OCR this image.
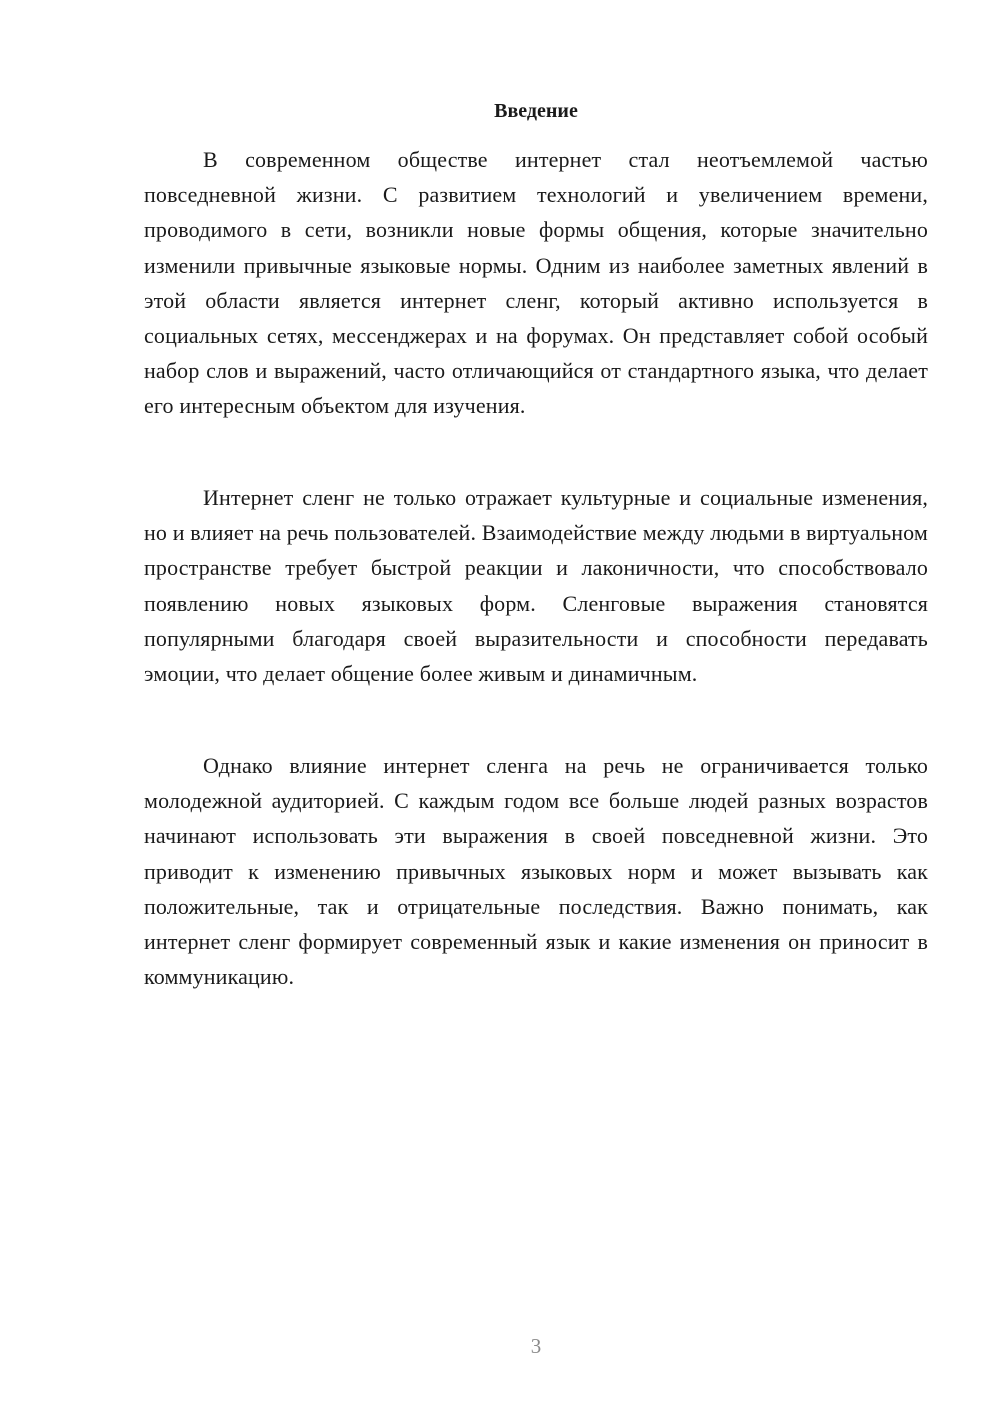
Введение

В современном обществе интернет стал неотъемлемой частью повседневной жизни. С развитием технологий и увеличением времени, проводимого в сети, возникли новые формы общения, которые значительно изменили привычные языковые нормы. Одним из наиболее заметных явлений в этой области является интернет сленг, который активно используется в социальных сетях, мессенджерах и на форумах. Он представляет собой особый набор слов и выражений, часто отличающийся от стандартного языка, что делает его интересным объектом для изучения.

Интернет сленг не только отражает культурные и социальные изменения, но и влияет на речь пользователей. Взаимодействие между людьми в виртуальном пространстве требует быстрой реакции и лаконичности, что способствовало появлению новых языковых форм. Сленговые выражения становятся популярными благодаря своей выразительности и способности передавать эмоции, что делает общение более живым и динамичным.

Однако влияние интернет сленга на речь не ограничивается только молодежной аудиторией. С каждым годом все больше людей разных возрастов начинают использовать эти выражения в своей повседневной жизни. Это приводит к изменению привычных языковых норм и может вызывать как положительные, так и отрицательные последствия. Важно понимать, как интернет сленг формирует современный язык и какие изменения он приносит в коммуникацию.

3
